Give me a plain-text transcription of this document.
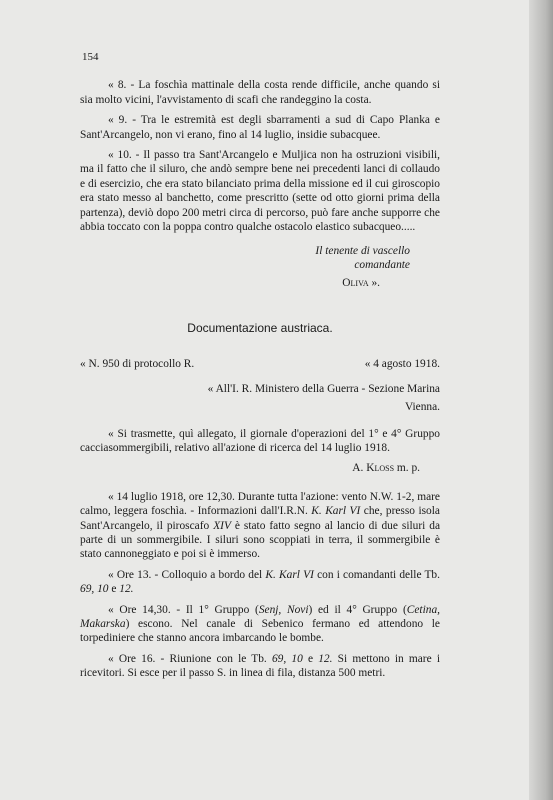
154

« 8. - La foschìa mattinale della costa rende difficile, anche quando si sia molto vicini, l'avvistamento di scafi che randeggino la costa.

« 9. - Tra le estremità est degli sbarramenti a sud di Capo Planka e Sant'Arcangelo, non vi erano, fino al 14 luglio, insidie subacquee.

« 10. - Il passo tra Sant'Arcangelo e Muljica non ha ostruzioni visibili, ma il fatto che il siluro, che andò sempre bene nei precedenti lanci di collaudo e di esercizio, che era stato bilanciato prima della missione ed il cui giroscopio era stato messo al banchetto, come prescritto (sette od otto giorni prima della partenza), deviò dopo 200 metri circa di percorso, può fare anche supporre che abbia toccato con la poppa contro qualche ostacolo elastico subacqueo.....

Il tenente di vascello
comandante
Oliva ».
Documentazione austriaca.
« N. 950 di protocollo R.	« 4 agosto 1918.
« All'I. R. Ministero della Guerra - Sezione Marina
Vienna.

« Si trasmette, quì allegato, il giornale d'operazioni del 1° e 4° Gruppo cacciasommergibili, relativo all'azione di ricerca del 14 luglio 1918.

A. Kloss m. p.

« 14 luglio 1918, ore 12,30. Durante tutta l'azione: vento N.W. 1-2, mare calmo, leggera foschìa. - Informazioni dall'I.R.N. K. Karl VI che, presso isola Sant'Arcangelo, il piroscafo XIV è stato fatto segno al lancio di due siluri da parte di un sommergibile. I siluri sono scoppiati in terra, il sommergibile è stato cannoneggiato e poi si è immerso.

« Ore 13. - Colloquio a bordo del K. Karl VI con i comandanti delle Tb. 69, 10 e 12.

« Ore 14,30. - Il 1° Gruppo (Senj, Novi) ed il 4° Gruppo (Cetina, Makarska) escono. Nel canale di Sebenico fermano ed attendono le torpediniere che stanno ancora imbarcando le bombe.

« Ore 16. - Riunione con le Tb. 69, 10 e 12. Si mettono in mare i ricevitori. Si esce per il passo S. in linea di fila, distanza 500 metri.
